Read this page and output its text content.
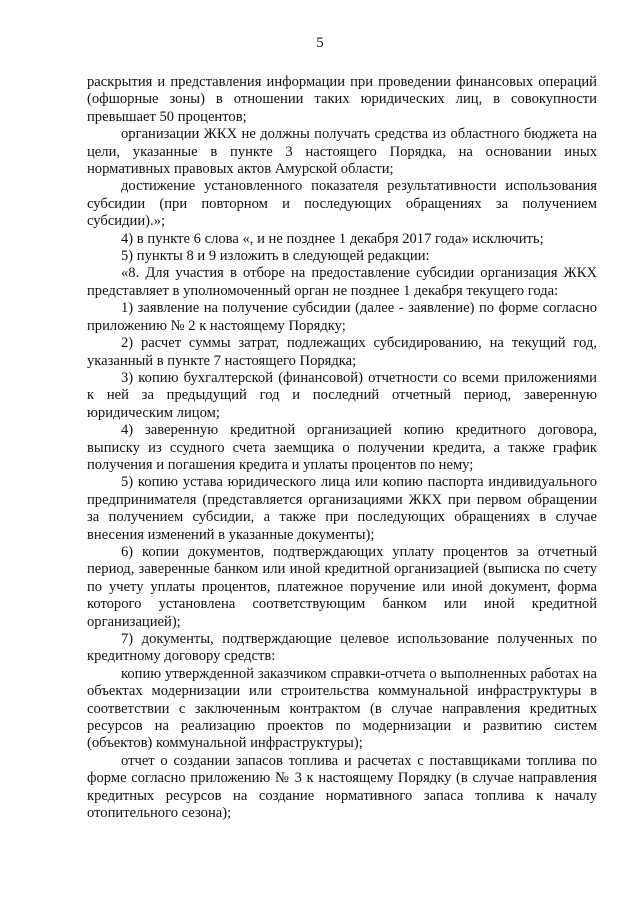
5

раскрытия и представления информации при проведении финансовых операций (офшорные зоны) в отношении таких юридических лиц, в совокупности превышает 50 процентов;

организации ЖКХ не должны получать средства из областного бюджета на цели, указанные в пункте 3 настоящего Порядка, на основании иных нормативных правовых актов Амурской области;

достижение установленного показателя результативности использования субсидии (при повторном и последующих обращениях за получением субсидии).»;

4) в пункте 6 слова «, и не позднее 1 декабря 2017 года» исключить;

5) пункты 8 и 9 изложить в следующей редакции:

«8. Для участия в отборе на предоставление субсидии организация ЖКХ представляет в уполномоченный орган не позднее 1 декабря текущего года:

1) заявление на получение субсидии (далее - заявление) по форме согласно приложению № 2 к настоящему Порядку;

2) расчет суммы затрат, подлежащих субсидированию, на текущий год, указанный в пункте 7 настоящего Порядка;

3) копию бухгалтерской (финансовой) отчетности со всеми приложениями к ней за предыдущий год и последний отчетный период, заверенную юридическим лицом;

4) заверенную кредитной организацией копию кредитного договора, выписку из ссудного счета заемщика о получении кредита, а также график получения и погашения кредита и уплаты процентов по нему;

5) копию устава юридического лица или копию паспорта индивидуального предпринимателя (представляется организациями ЖКХ при первом обращении за получением субсидии, а также при последующих обращениях в случае внесения изменений в указанные документы);

6) копии документов, подтверждающих уплату процентов за отчетный период, заверенные банком или иной кредитной организацией (выписка по счету по учету уплаты процентов, платежное поручение или иной документ, форма которого установлена соответствующим банком или иной кредитной организацией);

7) документы, подтверждающие целевое использование полученных по кредитному договору средств:

копию утвержденной заказчиком справки-отчета о выполненных работах на объектах модернизации или строительства коммунальной инфраструктуры в соответствии с заключенным контрактом (в случае направления кредитных ресурсов на реализацию проектов по модернизации и развитию систем (объектов) коммунальной инфраструктуры);

отчет о создании запасов топлива и расчетах с поставщиками топлива по форме согласно приложению № 3 к настоящему Порядку (в случае направления кредитных ресурсов на создание нормативного запаса топлива к началу отопительного сезона);
